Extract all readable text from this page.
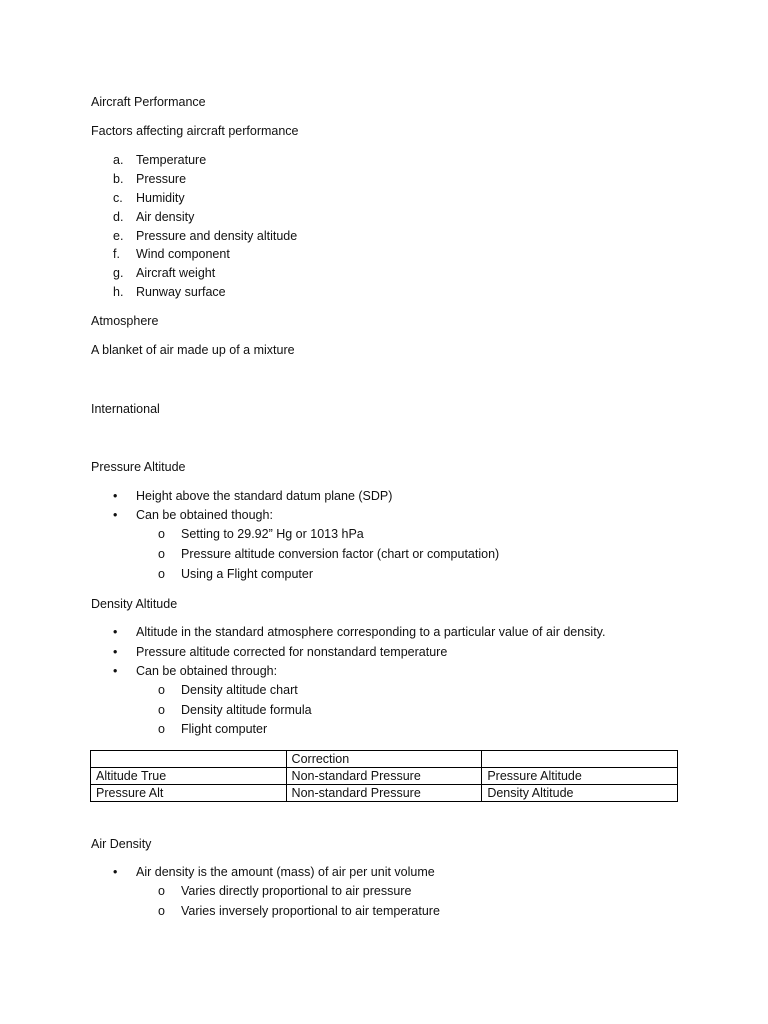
Aircraft Performance
Factors affecting aircraft performance
a. Temperature
b. Pressure
c. Humidity
d. Air density
e. Pressure and density altitude
f. Wind component
g. Aircraft weight
h. Runway surface
Atmosphere
A blanket of air made up of a mixture
International
Pressure Altitude
• Height above the standard datum plane (SDP)
• Can be obtained though:
o Setting to 29.92” Hg or 1013 hPa
o Pressure altitude conversion factor (chart or computation)
o Using a Flight computer
Density Altitude
• Altitude in the standard atmosphere corresponding to a particular value of air density.
• Pressure altitude corrected for nonstandard temperature
• Can be obtained through:
o Density altitude chart
o Density altitude formula
o Flight computer
	Correction	
Altitude True	Non-standard Pressure	Pressure Altitude
Pressure Alt	Non-standard Pressure	Density Altitude
Air Density
• Air density is the amount (mass) of air per unit volume
o Varies directly proportional to air pressure
o Varies inversely proportional to air temperature
